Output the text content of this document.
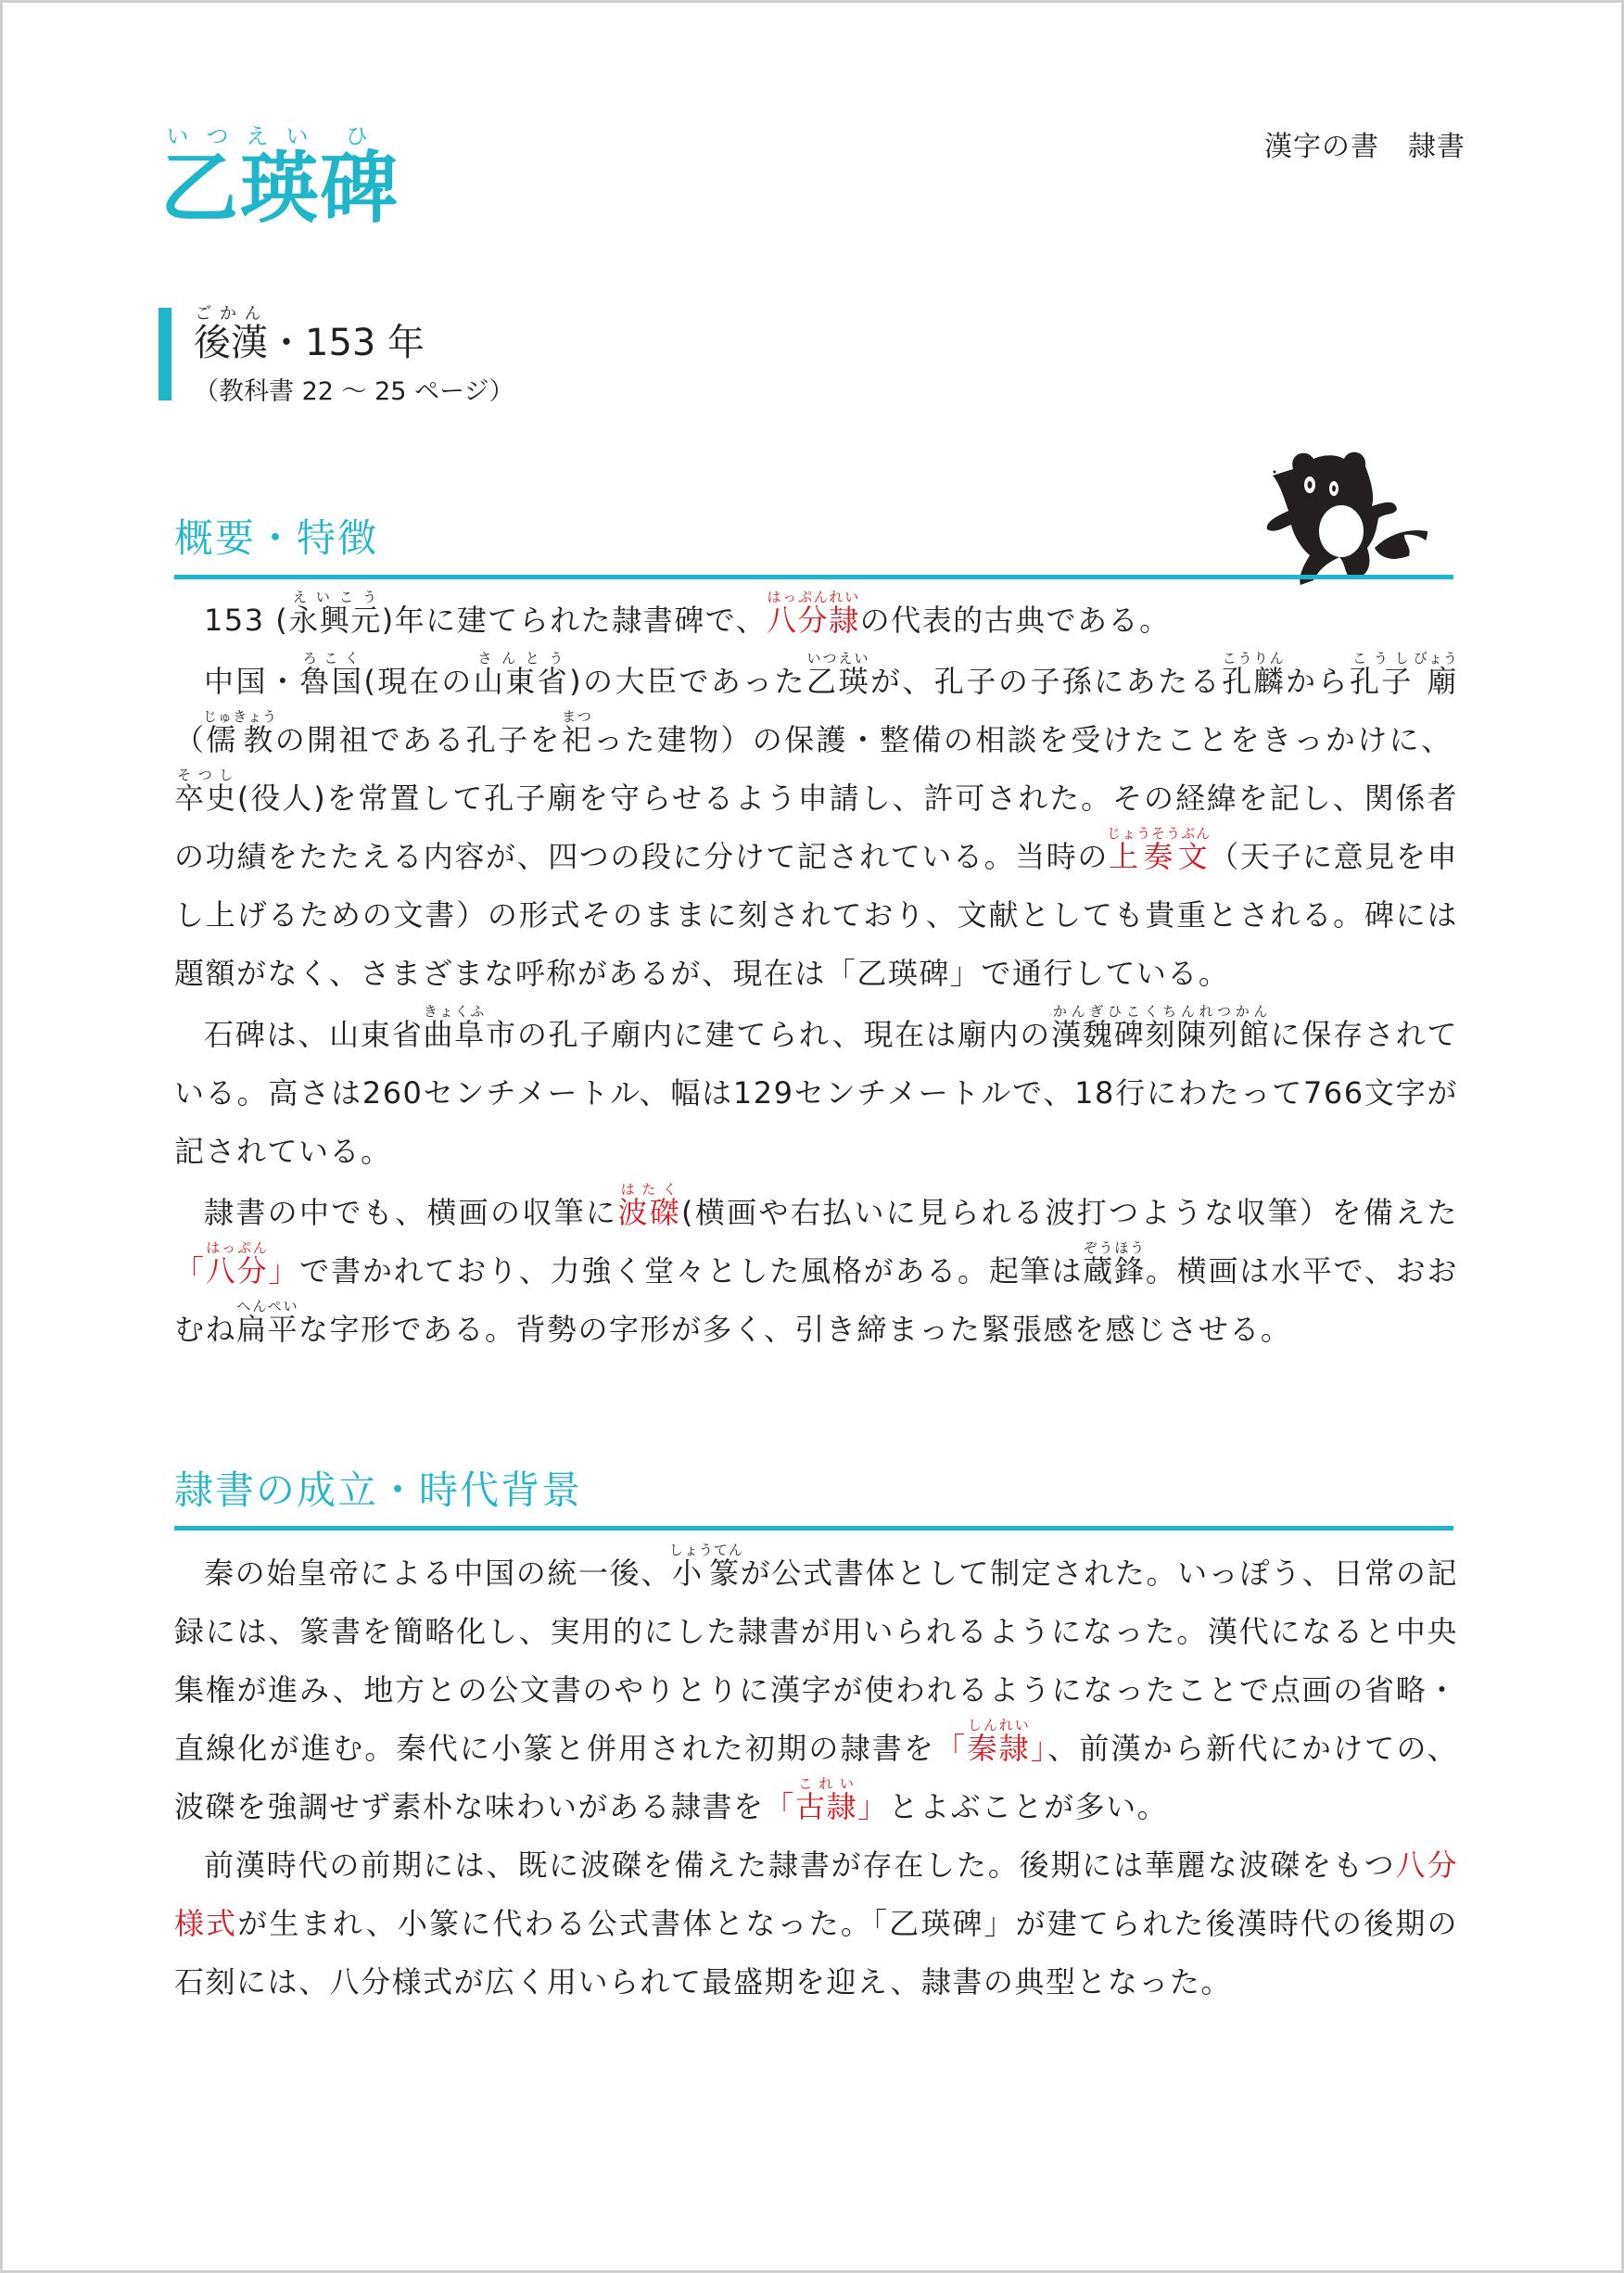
漢字の書　隷書
乙いつ瑛えい碑ひ
後漢ごかん・153 年
（教科書 22 ～ 25 ページ）
概要・特徴

153 (永興元えいこう)年に建てられた隷書碑で、八分隷はっぷんれいの代表的古典である。

中国・魯国ろこく(現在の山東省さんとう)の大臣であった乙瑛いつえいが、孔子の子孫にあたる孔麟こうりんから孔子こうし廟びょう（儒教じゅきょうの開祖である孔子を祀まつった建物）の保護・整備の相談を受けたことをきっかけに、卒史そつし(役人)を常置して孔子廟を守らせるよう申請し、許可された。その経緯を記し、関係者の功績をたたえる内容が、四つの段に分けて記されている。当時の上奏文じょうそうぶん（天子に意見を申し上げるための文書）の形式そのままに刻されており、文献としても貴重とされる。碑には題額がなく、さまざまな呼称があるが、現在は「乙瑛碑」で通行している。

石碑は、山東省曲阜きょくふ市の孔子廟内に建てられ、現在は廟内の漢魏碑刻陳列館かんぎひこくちんれつかんに保存されている。高さは260センチメートル、幅は129センチメートルで、18行にわたって766文字が記されている。

隷書の中でも、横画の収筆に波磔はたく(横画や右払いに見られる波打つような収筆）を備えた「八分はっぷん」で書かれており、力強く堂々とした風格がある。起筆は蔵鋒ぞうほう。横画は水平で、おおむね扁平へんぺいな字形である。背勢の字形が多く、引き締まった緊張感を感じさせる。

隷書の成立・時代背景

秦の始皇帝による中国の統一後、小篆しょうてんが公式書体として制定された。いっぽう、日常の記録には、篆書を簡略化し、実用的にした隷書が用いられるようになった。漢代になると中央集権が進み、地方との公文書のやりとりに漢字が使われるようになったことで点画の省略・直線化が進む。秦代に小篆と併用された初期の隷書を「秦隷しんれい」、前漢から新代にかけての、波磔を強調せず素朴な味わいがある隷書を「古隷これい」とよぶことが多い。

前漢時代の前期には、既に波磔を備えた隷書が存在した。後期には華麗な波磔をもつ八分様式が生まれ、小篆に代わる公式書体となった。「乙瑛碑」が建てられた後漢時代の後期の石刻には、八分様式が広く用いられて最盛期を迎え、隷書の典型となった。
